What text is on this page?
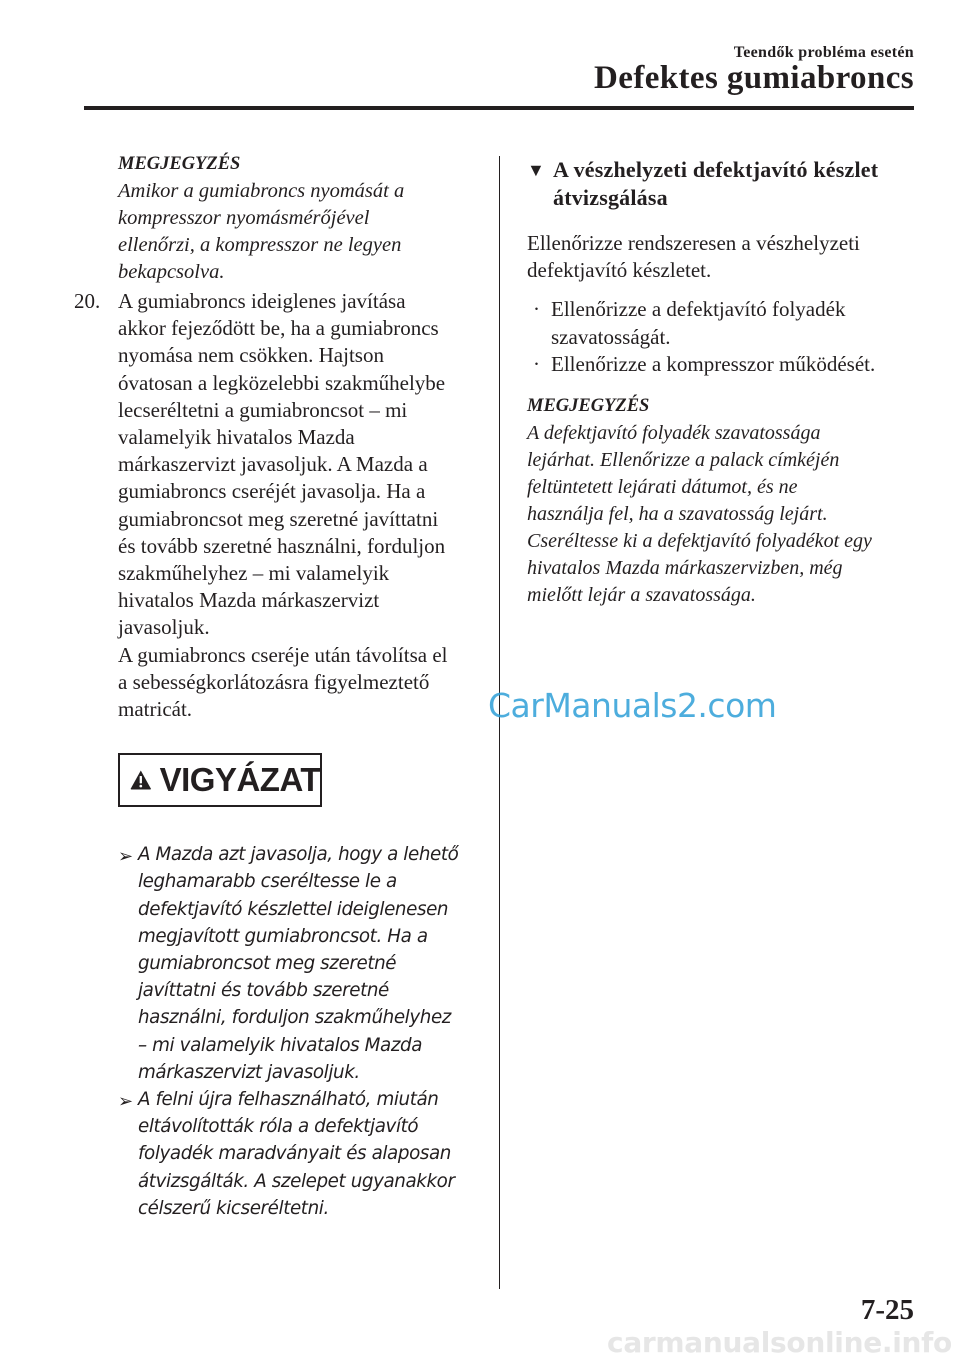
Teendők probléma esetén
Defektes gumiabroncs
MEGJEGYZÉS
Amikor a gumiabroncs nyomását a
kompresszor nyomásmérőjével
ellenőrzi, a kompresszor ne legyen
bekapcsolva.
20. A gumiabroncs ideiglenes javítása
akkor fejeződött be, ha a gumiabroncs
nyomása nem csökken. Hajtson
óvatosan a legközelebbi szakműhelybe
lecseréltetni a gumiabroncsot – mi
valamelyik hivatalos Mazda
márkaszervizt javasoljuk. A Mazda a
gumiabroncs cseréjét javasolja. Ha a
gumiabroncsot meg szeretné javíttatni
és tovább szeretné használni, forduljon
szakműhelyhez – mi valamelyik
hivatalos Mazda márkaszervizt
javasoljuk.
A gumiabroncs cseréje után távolítsa el
a sebességkorlátozásra figyelmeztető
matricát.
VIGYÁZAT
➢ A Mazda azt javasolja, hogy a lehető
leghamarabb cseréltesse le a
defektjavító készlettel ideiglenesen
megjavított gumiabroncsot. Ha a
gumiabroncsot meg szeretné
javíttatni és tovább szeretné
használni, forduljon szakműhelyhez
– mi valamelyik hivatalos Mazda
márkaszervizt javasoljuk.
➢ A felni újra felhasználható, miután
eltávolították róla a defektjavító
folyadék maradványait és alaposan
átvizsgálták. A szelepet ugyanakkor
célszerű kicseréltetni.
▼ A vészhelyzeti defektjavító készlet
átvizsgálása
Ellenőrizze rendszeresen a vészhelyzeti
defektjavító készletet.
· Ellenőrizze a defektjavító folyadék
szavatosságát.
· Ellenőrizze a kompresszor működését.
MEGJEGYZÉS
A defektjavító folyadék szavatossága
lejárhat. Ellenőrizze a palack címkéjén
feltüntetett lejárati dátumot, és ne
használja fel, ha a szavatosság lejárt.
Cseréltesse ki a defektjavító folyadékot egy
hivatalos Mazda márkaszervizben, még
mielőtt lejár a szavatossága.
CarManuals2.com
7-25
carmanualsonline.info
